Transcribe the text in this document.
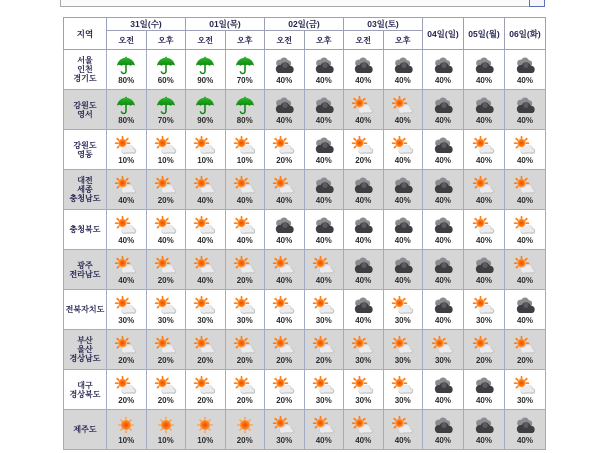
지역	31일(수)		01일(목)		02일(금)		03일(토)		04일(일)	05일(월)	06일(화)
	오전	오후	오전	오후	오전	오후	오전	오후			
서울
인천
경기도	80%	60%	90%	70%	40%	40%	40%	40%	40%	40%	40%

강원도
영서	80%	70%	90%	80%	40%	40%	40%	40%	40%	40%	40%

강원도
영동	10%	10%	10%	10%	20%	40%	20%	40%	40%	40%	40%

대전
세종
충청남도	40%	20%	40%	40%	40%	40%	40%	40%	40%	40%	40%

충청북도	40%	40%	40%	40%	40%	40%	40%	40%	40%	40%	40%

광주
전라남도	40%	20%	40%	20%	40%	40%	40%	40%	40%	40%	40%

전북자치도	30%	30%	30%	30%	40%	30%	40%	30%	40%	30%	40%

부산
울산
경상남도	20%	20%	20%	20%	20%	20%	30%	30%	30%	20%	20%

대구
경상북도	20%	20%	20%	20%	20%	30%	30%	30%	40%	40%	30%

제주도	10%	10%	10%	20%	30%	40%	40%	40%	40%	40%	40%
